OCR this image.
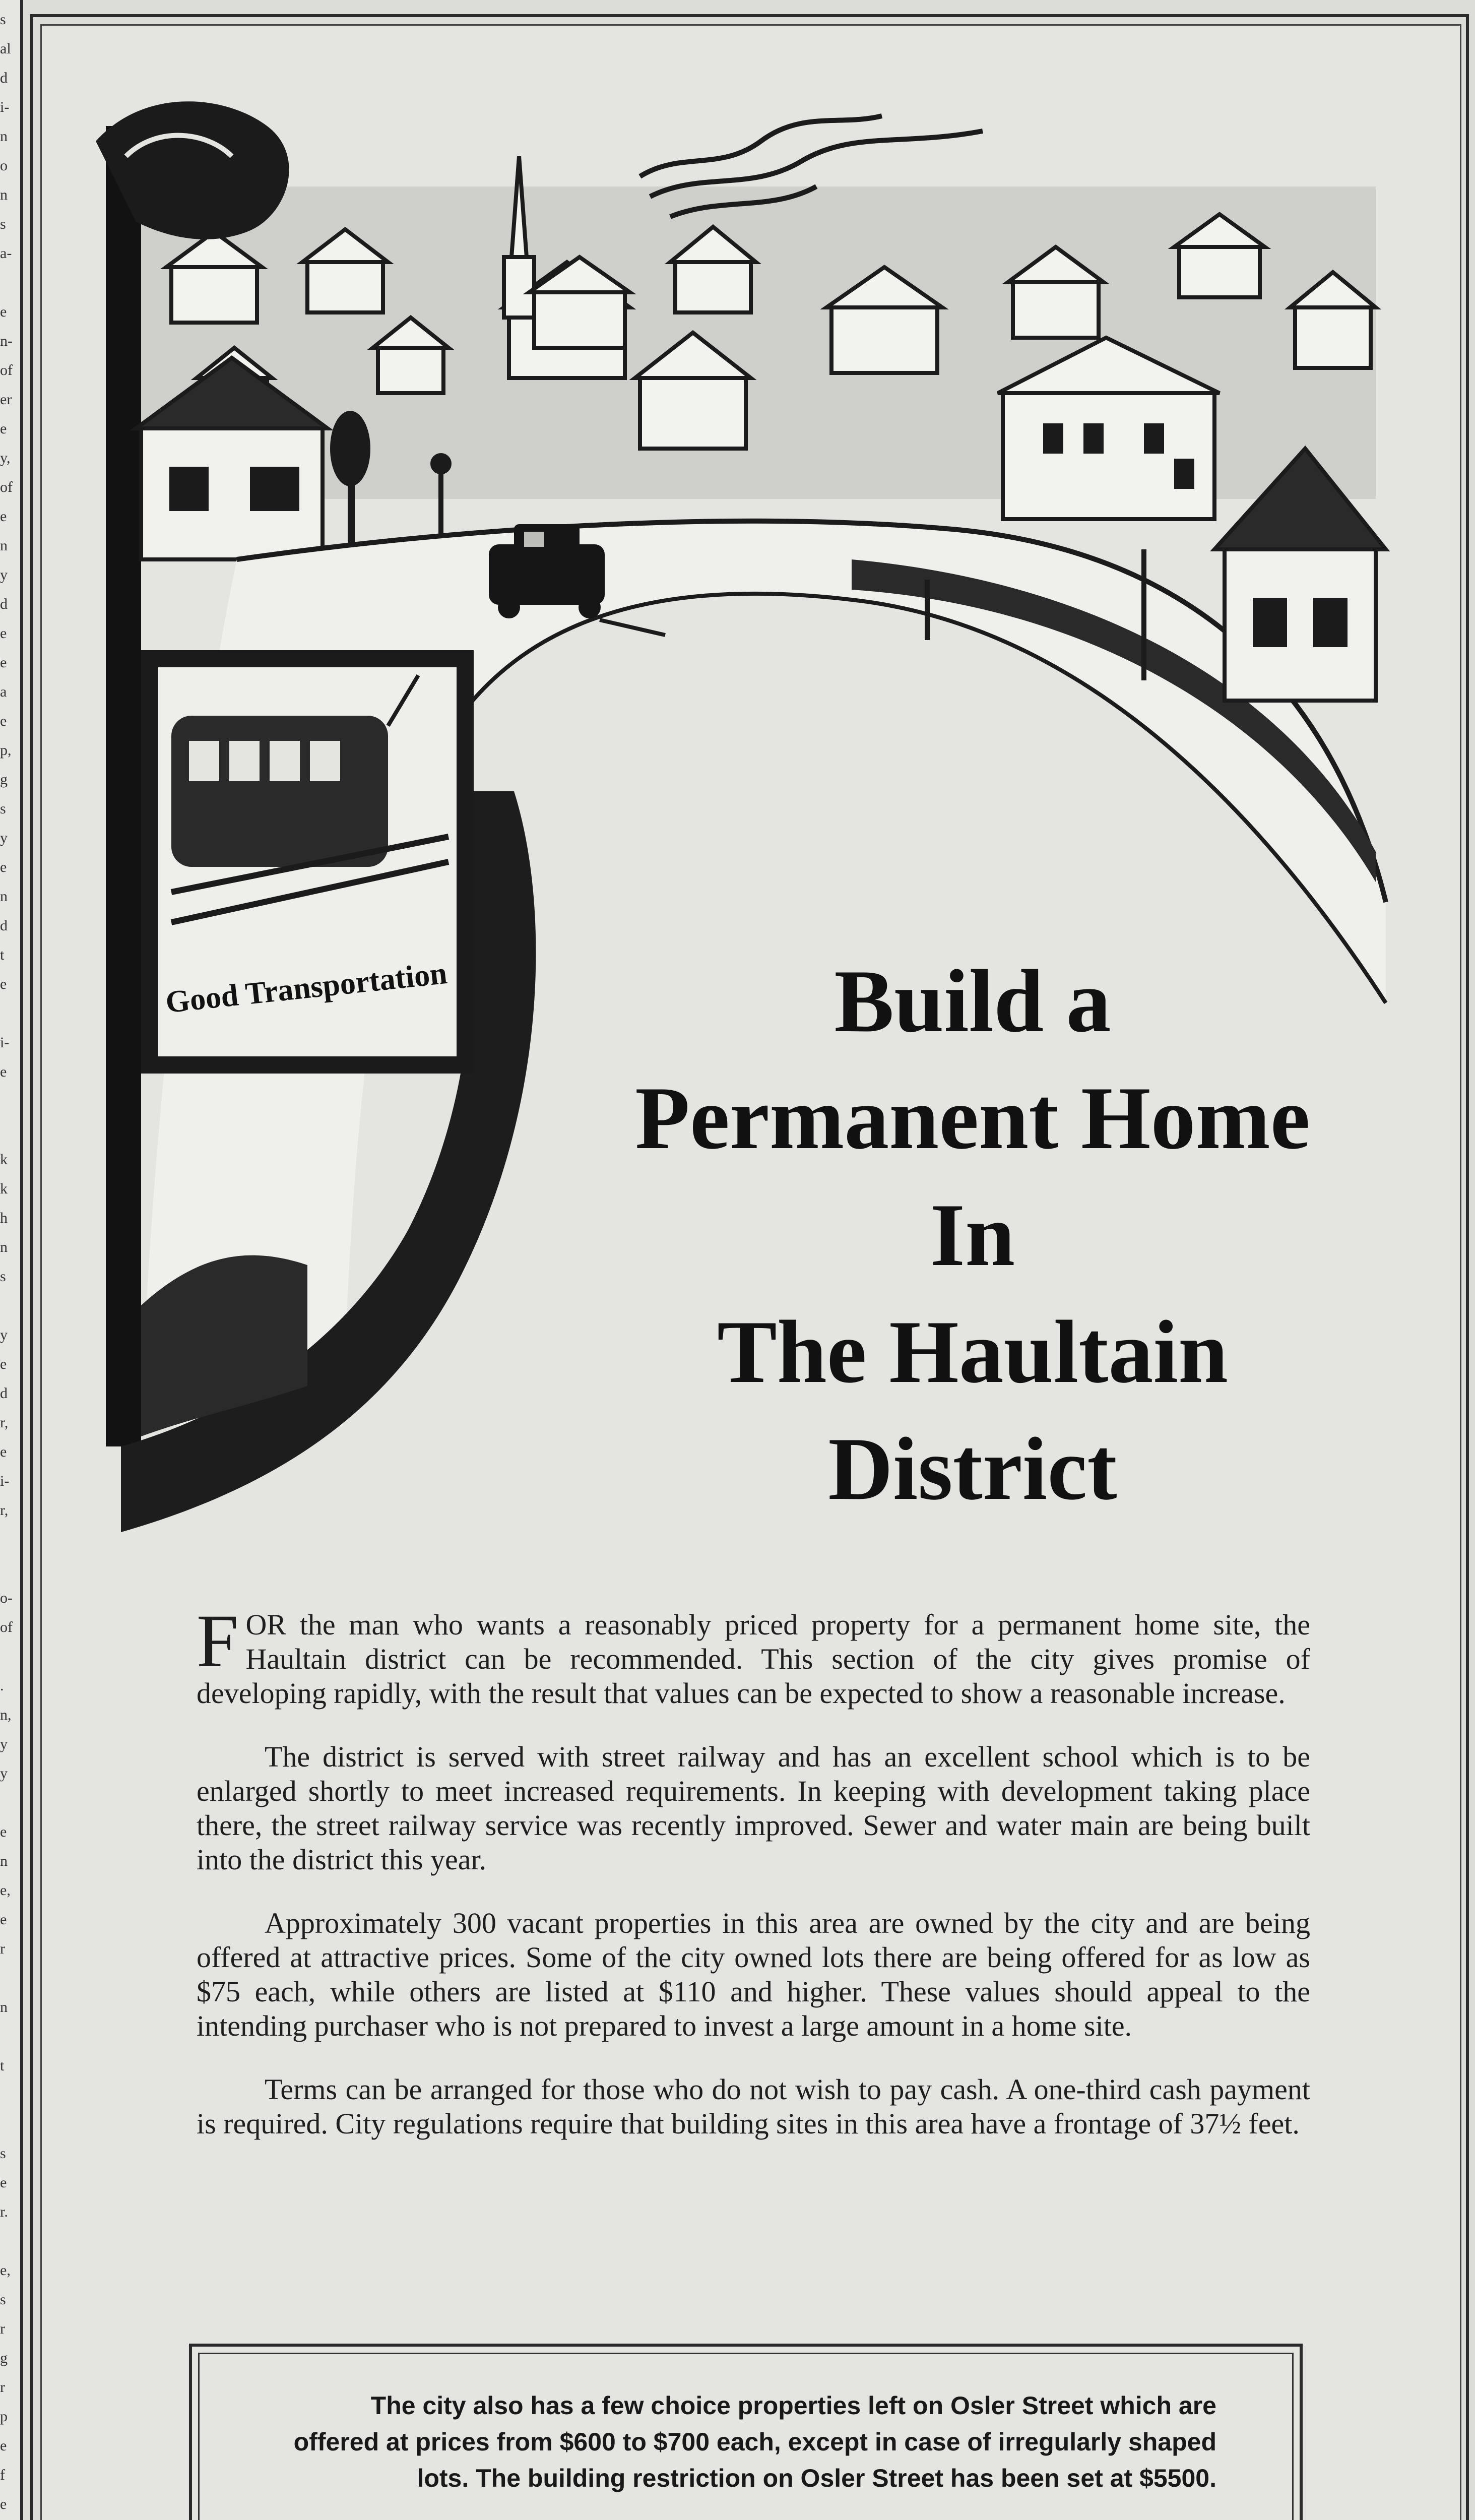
s
al
d
i-
n
o
n
s
a-

e
n-
of
er
e
y,
of
e
n
y
d
e
e
a
e
p,
g
s
y
e
n
d
t
e

i-
e

k
k
h
n
s

y
e
d
r,
e
i-
r,

o-
of

.
n,
y
y

e
n
e,
e
r

n

t

s
e
r.

e,
s
r
g
r
p
e
f
e

Good Transportation	Build a
Permanent Home
In
The Haultain
District

FOR the man who wants a reasonably priced property for a permanent home site, the Haultain district can be recommended. This section of the city gives promise of developing rapidly, with the result that values can be expected to show a reasonable increase.

The district is served with street railway and has an excellent school which is to be enlarged shortly to meet increased requirements. In keeping with development taking place there, the street railway service was recently improved. Sewer and water main are being built into the district this year.

Approximately 300 vacant properties in this area are owned by the city and are being offered at attractive prices. Some of the city owned lots there are being offered for as low as $75 each, while others are listed at $110 and higher. These values should appeal to the intending purchaser who is not prepared to invest a large amount in a home site.

Terms can be arranged for those who do not wish to pay cash. A one-third cash payment is required. City regulations require that building sites in this area have a frontage of 37½ feet.

The city also has a few choice properties left on Osler Street which are offered at prices from $600 to $700 each, except in case of irregularly shaped lots. The building restriction on Osler Street has been set at $5500.
